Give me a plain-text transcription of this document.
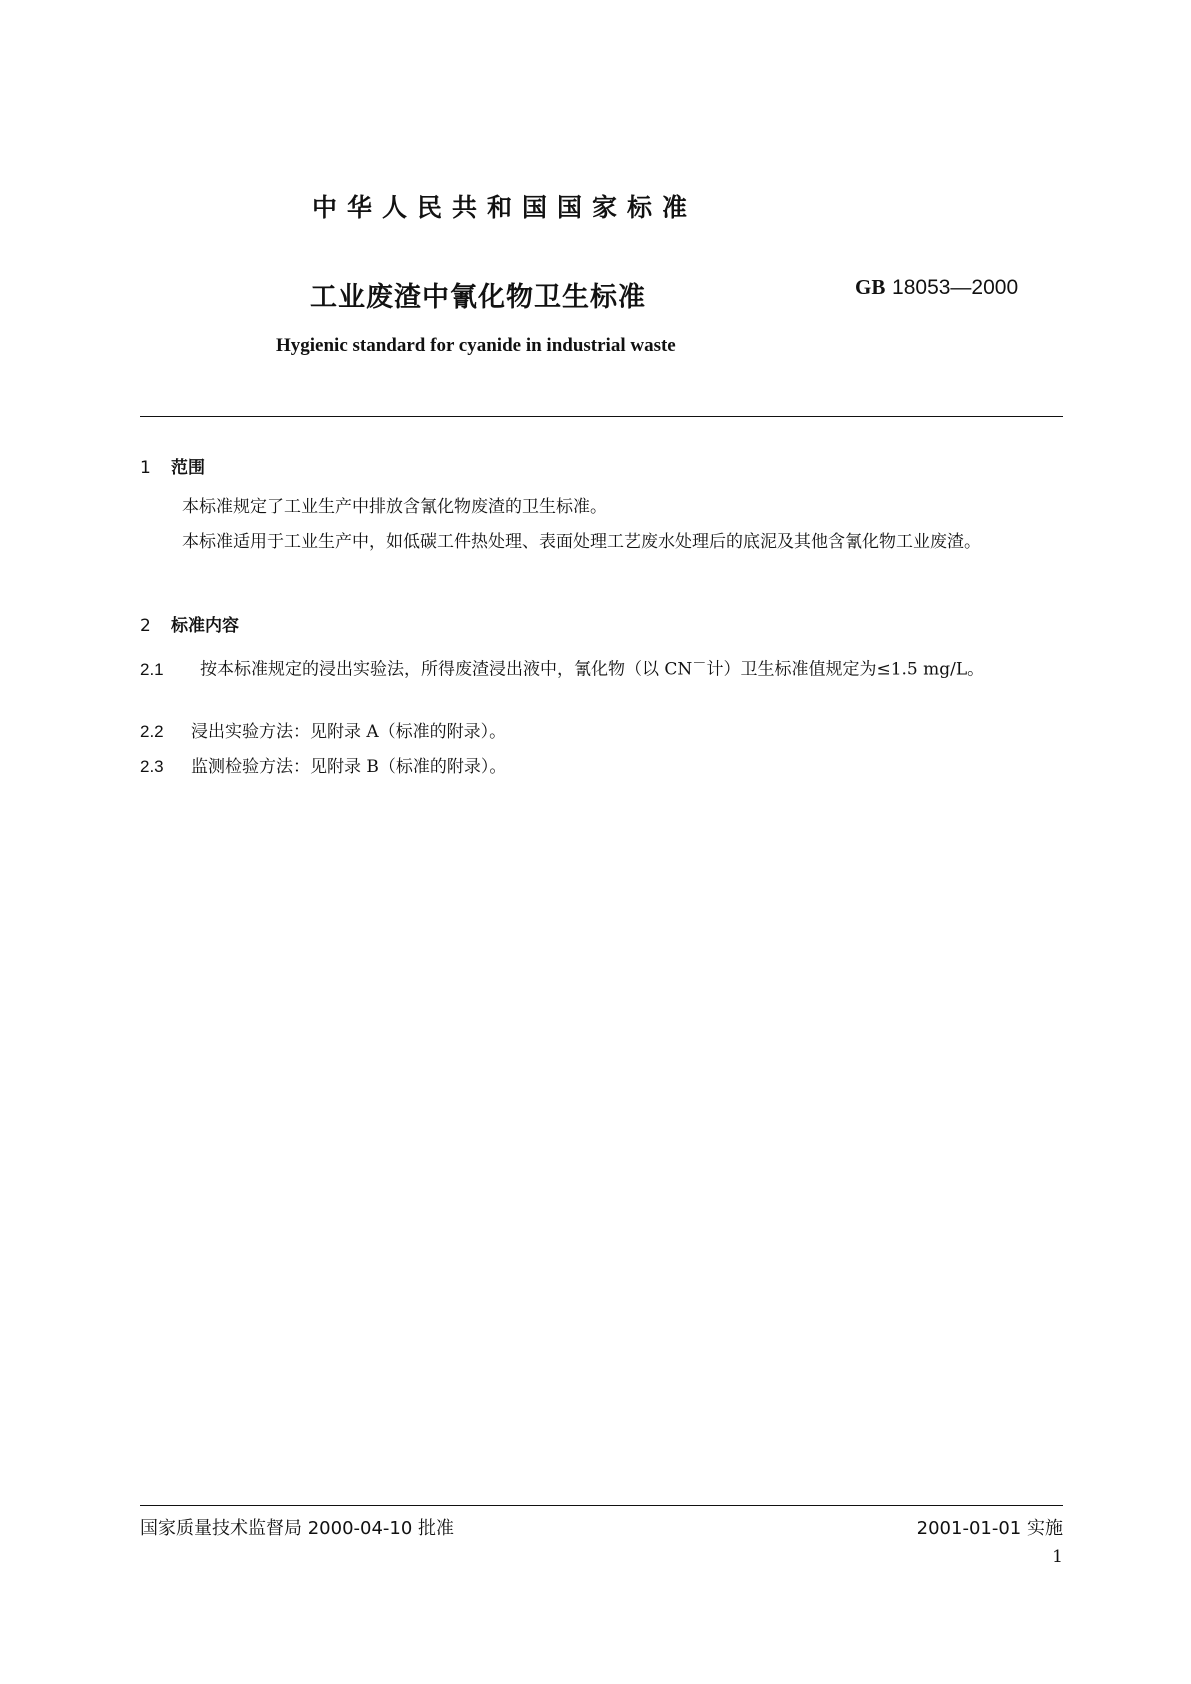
中华人民共和国国家标准
工业废渣中氰化物卫生标准	GB 18053—2000
Hygienic standard for cyanide in industrial waste
1 范围
本标准规定了工业生产中排放含氰化物废渣的卫生标准。
本标准适用于工业生产中，如低碳工件热处理、表面处理工艺废水处理后的底泥及其他含氰化物工业废渣。
2 标准内容
2.1 按本标准规定的浸出实验法，所得废渣浸出液中，氰化物（以 CN－计）卫生标准值规定为≤1.5 mg/L。
2.2 浸出实验方法：见附录 A（标准的附录）。
2.3 监测检验方法：见附录 B（标准的附录）。
国家质量技术监督局 2000-04-10 批准	2001-01-01 实施
1
